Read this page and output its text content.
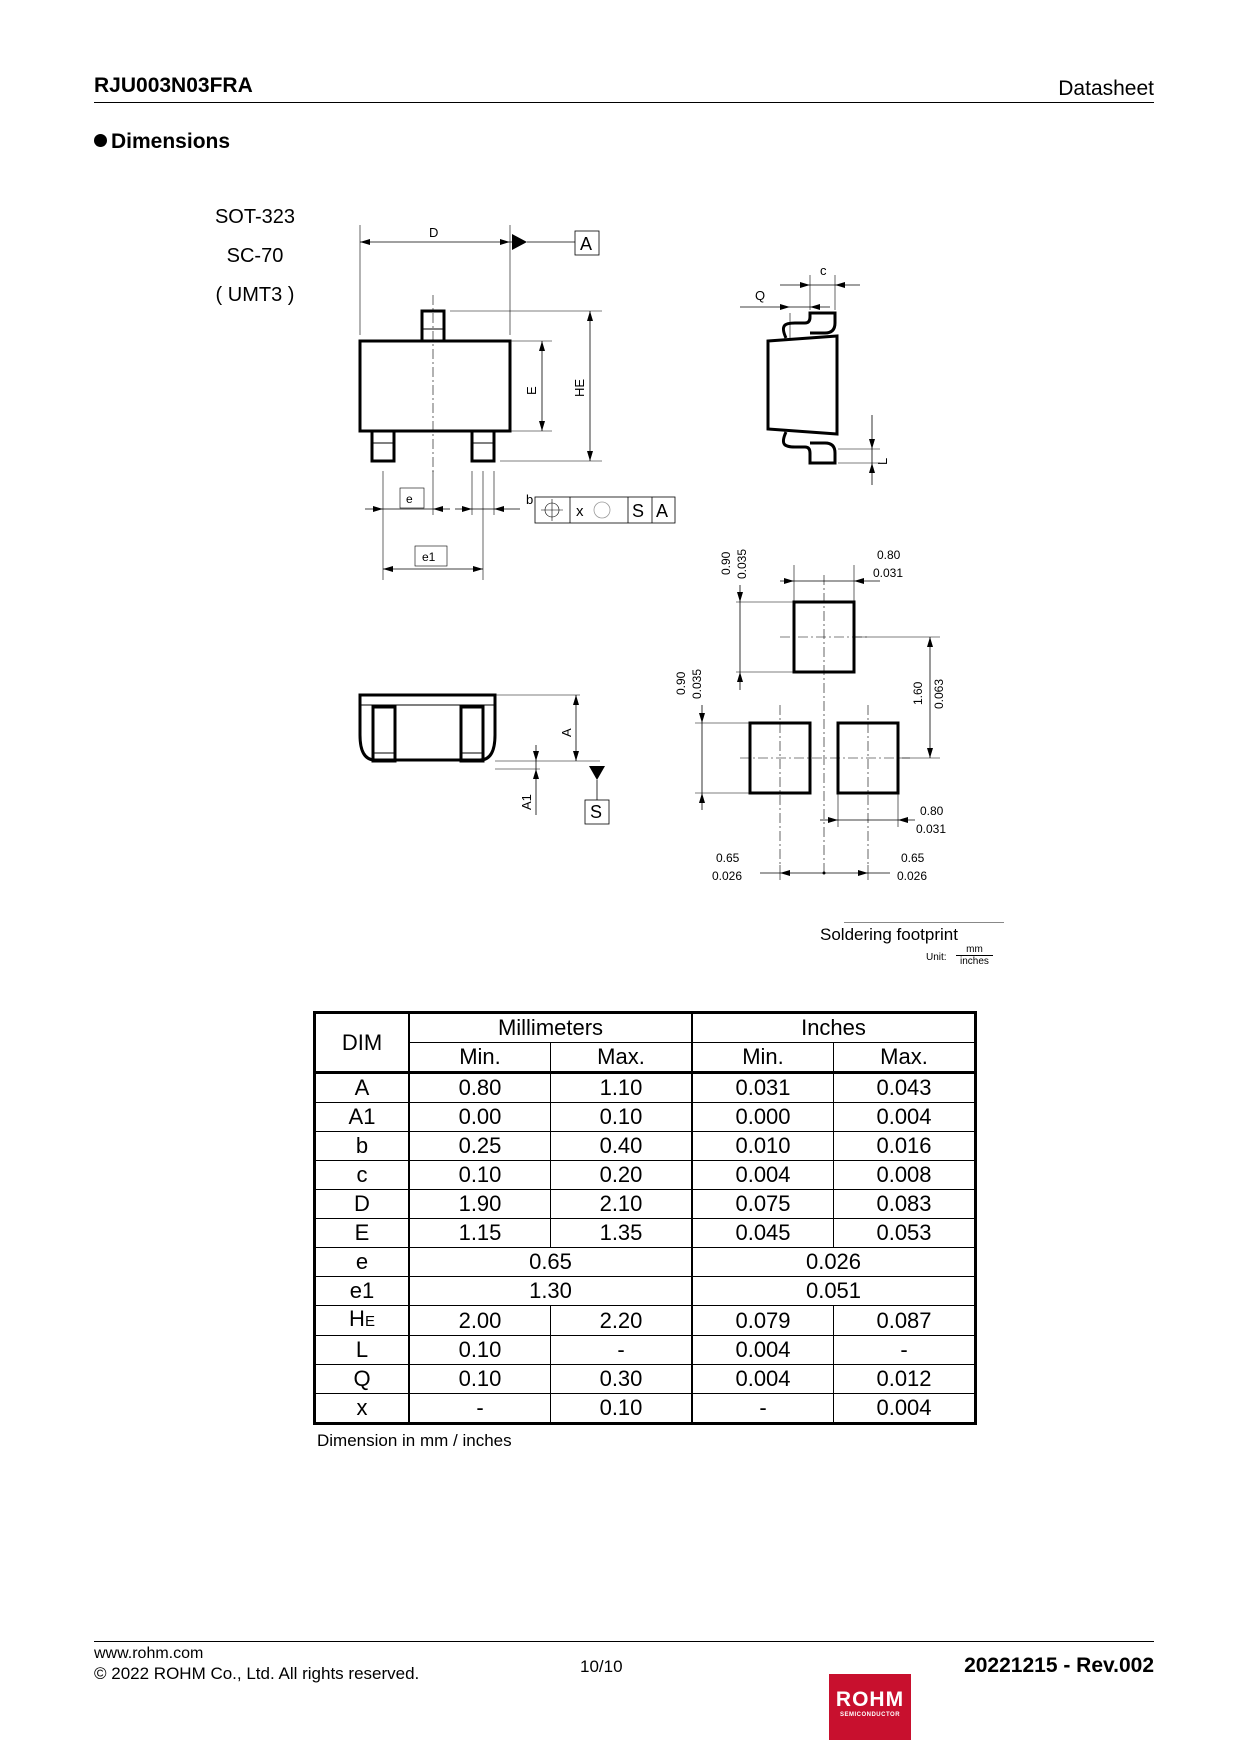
RJU003N03FRA	Datasheet
Dimensions
SOT-323
SC-70
( UMT3 )
D
A
c
Q
E	HE
L
e	b
e1
x	S A
A
A1	S
0.90 0.035	0.80
0.031
0.90 0.035	1.60 0.063
0.80
0.031
0.65
0.026
0.65
0.026
Soldering footprint
Unit:
mm
inches
DIM	Millimeters		Inches	
	Min.	Max.	Min.	Max.
A	0.80	1.10	0.031	0.043
A1	0.00	0.10	0.000	0.004
b	0.25	0.40	0.010	0.016
c	0.10	0.20	0.004	0.008
D	1.90	2.10	0.075	0.083
E	1.15	1.35	0.045	0.053
e	0.65		0.026	
e1	1.30		0.051	
HE	2.00	2.20	0.079	0.087
L	0.10	-	0.004	-
Q	0.10	0.30	0.004	0.012
x	-	0.10	-	0.004
Dimension in mm / inches
www.rohm.com
© 2022 ROHM Co., Ltd. All rights reserved.	10/10	20221215 - Rev.002
ROHM
SEMICONDUCTOR
